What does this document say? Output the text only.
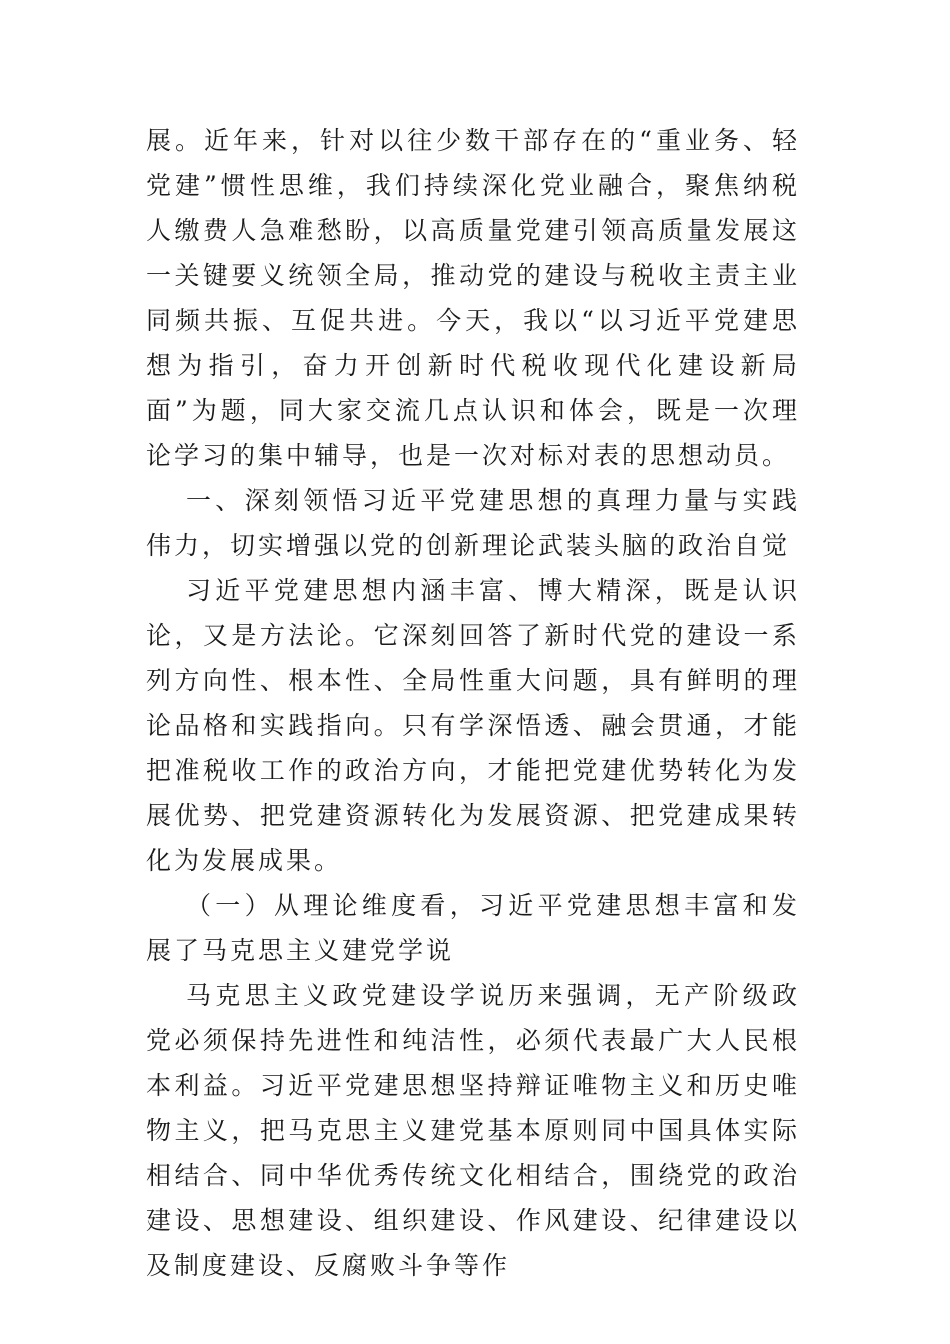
展。近年来，针对以往少数干部存在的“重业务、轻党建”惯性思维，我们持续深化党业融合，聚焦纳税人缴费人急难愁盼，以高质量党建引领高质量发展这一关键要义统领全局，推动党的建设与税收主责主业同频共振、互促共进。今天，我以“以习近平党建思想为指引，奋力开创新时代税收现代化建设新局面”为题，同大家交流几点认识和体会，既是一次理论学习的集中辅导，也是一次对标对表的思想动员。

一、深刻领悟习近平党建思想的真理力量与实践伟力，切实增强以党的创新理论武装头脑的政治自觉

习近平党建思想内涵丰富、博大精深，既是认识论，又是方法论。它深刻回答了新时代党的建设一系列方向性、根本性、全局性重大问题，具有鲜明的理论品格和实践指向。只有学深悟透、融会贯通，才能把准税收工作的政治方向，才能把党建优势转化为发展优势、把党建资源转化为发展资源、把党建成果转化为发展成果。

（一）从理论维度看，习近平党建思想丰富和发展了马克思主义建党学说

马克思主义政党建设学说历来强调，无产阶级政党必须保持先进性和纯洁性，必须代表最广大人民根本利益。习近平党建思想坚持辩证唯物主义和历史唯物主义，把马克思主义建党基本原则同中国具体实际相结合、同中华优秀传统文化相结合，围绕党的政治建设、思想建设、组织建设、作风建设、纪律建设以及制度建设、反腐败斗争等作
